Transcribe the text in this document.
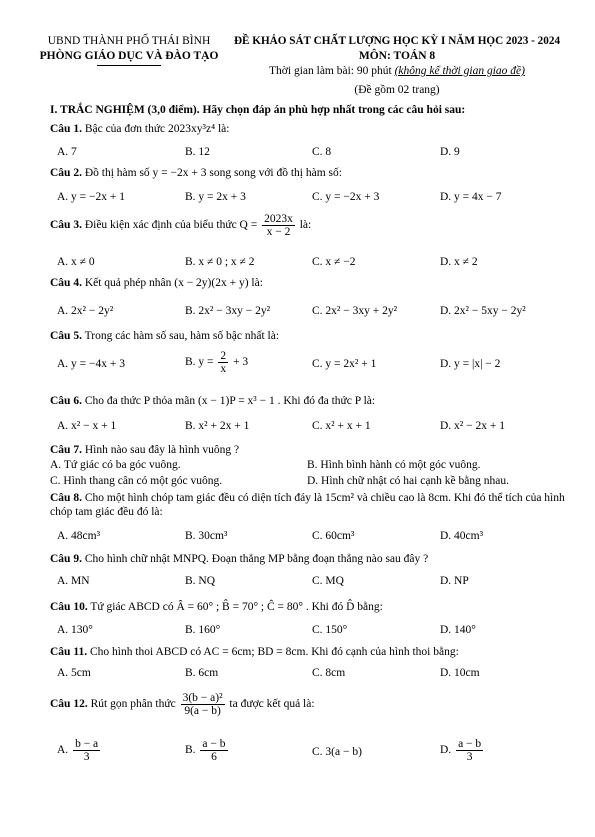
UBND THÀNH PHỐ THÁI BÌNH
PHÒNG GIÁO DỤC VÀ ĐÀO TẠO
ĐỀ KHẢO SÁT CHẤT LƯỢNG HỌC KỲ I NĂM HỌC 2023 - 2024
MÔN: TOÁN 8
Thời gian làm bài: 90 phút (không kể thời gian giao đề)
(Đề gồm 02 trang)
I. TRẮC NGHIỆM (3,0 điểm). Hãy chọn đáp án phù hợp nhất trong các câu hỏi sau:
Câu 1. Bậc của đơn thức 2023xy³z⁴ là:
A. 7	B. 12	C. 8	D. 9
Câu 2. Đồ thị hàm số y = −2x + 3 song song với đồ thị hàm số:
A. y = −2x + 1	B. y = 2x + 3	C. y = −2x + 3	D. y = 4x − 7
Câu 3. Điều kiện xác định của biểu thức $Q = \frac{2023x}{x - 2}$ là:
A. x ≠ 0	B. x ≠ 0 ; x ≠ 2	C. x ≠ −2	D. x ≠ 2
Câu 4. Kết quả phép nhân (x − 2y)(2x + y) là:
A. 2x² − 2y²	B. 2x² − 3xy − 2y²	C. 2x² − 3xy + 2y²	D. 2x² − 5xy − 2y²
Câu 5. Trong các hàm số sau, hàm số bậc nhất là:
A. y = −4x + 3	B. $y = \frac{2}{x} + 3$	C. y = 2x² + 1	D. y = |x| − 2
Câu 6. Cho đa thức P thỏa mãn (x − 1)P = x³ − 1 . Khi đó đa thức P là:
A. x² − x + 1	B. x² + 2x + 1	C. x² + x + 1	D. x² − 2x + 1
Câu 7. Hình nào sau đây là hình vuông ?
A. Tứ giác có ba góc vuông.	B. Hình bình hành có một góc vuông.
C. Hình thang cân có một góc vuông.	D. Hình chữ nhật có hai cạnh kề bằng nhau.
Câu 8. Cho một hình chóp tam giác đều có diện tích đáy là 15cm² và chiều cao là 8cm. Khi đó thể tích của hình chóp tam giác đều đó là:
A. 48cm³	B. 30cm³	C. 60cm³	D. 40cm³
Câu 9. Cho hình chữ nhật MNPQ. Đoạn thẳng MP bằng đoạn thẳng nào sau đây ?
A. MN	B. NQ	C. MQ	D. NP
Câu 10. Tứ giác ABCD có Â = 60° ; B̂ = 70° ; Ĉ = 80° . Khi đó D̂ bằng:
A. 130°	B. 160°	C. 150°	D. 140°
Câu 11. Cho hình thoi ABCD có AC = 6cm; BD = 8cm. Khi đó cạnh của hình thoi bằng:
A. 5cm	B. 6cm	C. 8cm	D. 10cm
Câu 12. Rút gọn phân thức $\frac{\text{3(b − a)²}}{9(a - b)}$ ta được kết quả là:
A. $\frac{b - a}{3}$	B. $\frac{a - b}{6}$	C. 3(a − b)	D. $\frac{a - b}{3}$
